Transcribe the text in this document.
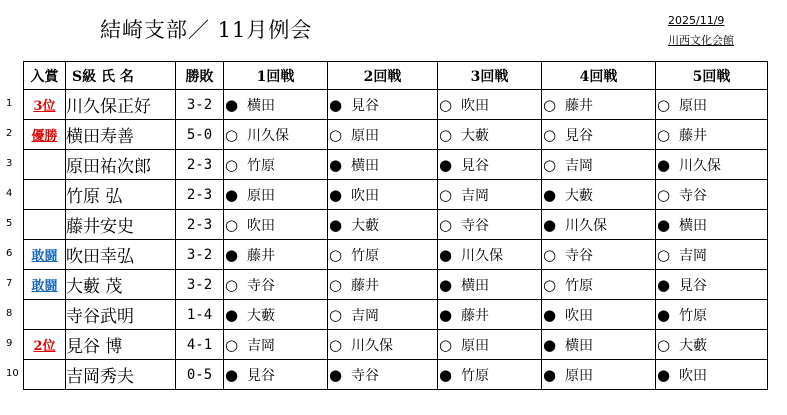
結崎支部／ 11月例会	2025/11/9
川西文化会館
1
2
3
4
5
6
7
8
9
10
入賞	S級 氏 名	勝敗	1回戦	2回戦	3回戦	4回戦	5回戦
3位	川久保正好	3-2	● 横田	● 見谷	○ 吹田	○ 藤井	○ 原田
優勝	横田寿善	5-0	○ 川久保	○ 原田	○ 大藪	○ 見谷	○ 藤井
	原田祐次郎	2-3	○ 竹原	● 横田	● 見谷	○ 吉岡	● 川久保
	竹原 弘	2-3	● 原田	● 吹田	○ 吉岡	● 大藪	○ 寺谷
	藤井安史	2-3	○ 吹田	● 大藪	○ 寺谷	● 川久保	● 横田
敢闘	吹田幸弘	3-2	● 藤井	○ 竹原	● 川久保	○ 寺谷	○ 吉岡
敢闘	大藪 茂	3-2	○ 寺谷	○ 藤井	● 横田	○ 竹原	● 見谷
	寺谷武明	1-4	● 大藪	○ 吉岡	● 藤井	● 吹田	● 竹原
2位	見谷 博	4-1	○ 吉岡	○ 川久保	○ 原田	● 横田	○ 大藪
	吉岡秀夫	0-5	● 見谷	● 寺谷	● 竹原	● 原田	● 吹田
